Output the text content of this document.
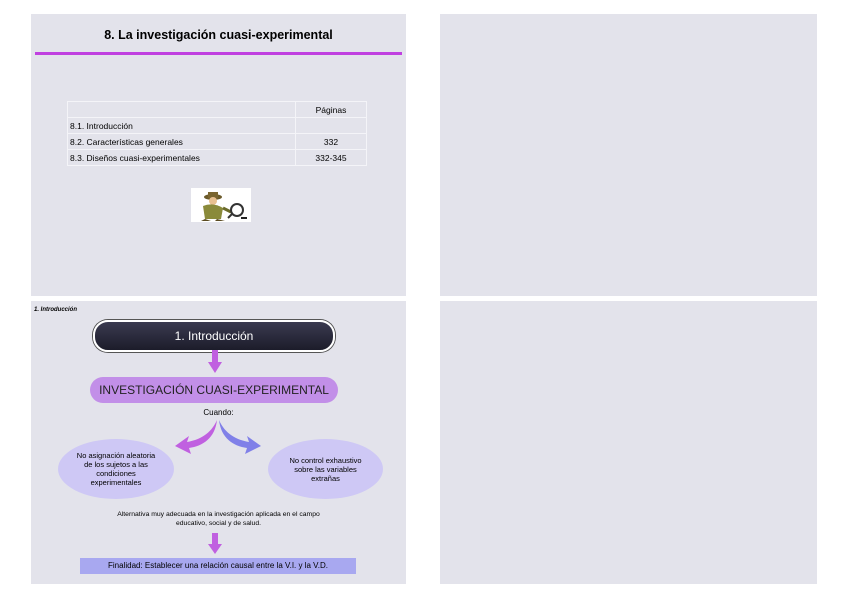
8. La investigación cuasi-experimental
	Páginas
8.1. Introducción	
8.2. Características generales	332
8.3. Diseños cuasi-experimentales	332-345
1. Introducción
1. Introducción
INVESTIGACIÓN CUASI-EXPERIMENTAL
Cuando:
No asignación aleatoria de los sujetos a las condiciones experimentales
No control exhaustivo sobre las variables extrañas
Alternativa muy adecuada en la investigación aplicada en el campo educativo, social y de salud.
Finalidad: Establecer una relación causal entre la V.I. y la V.D.
